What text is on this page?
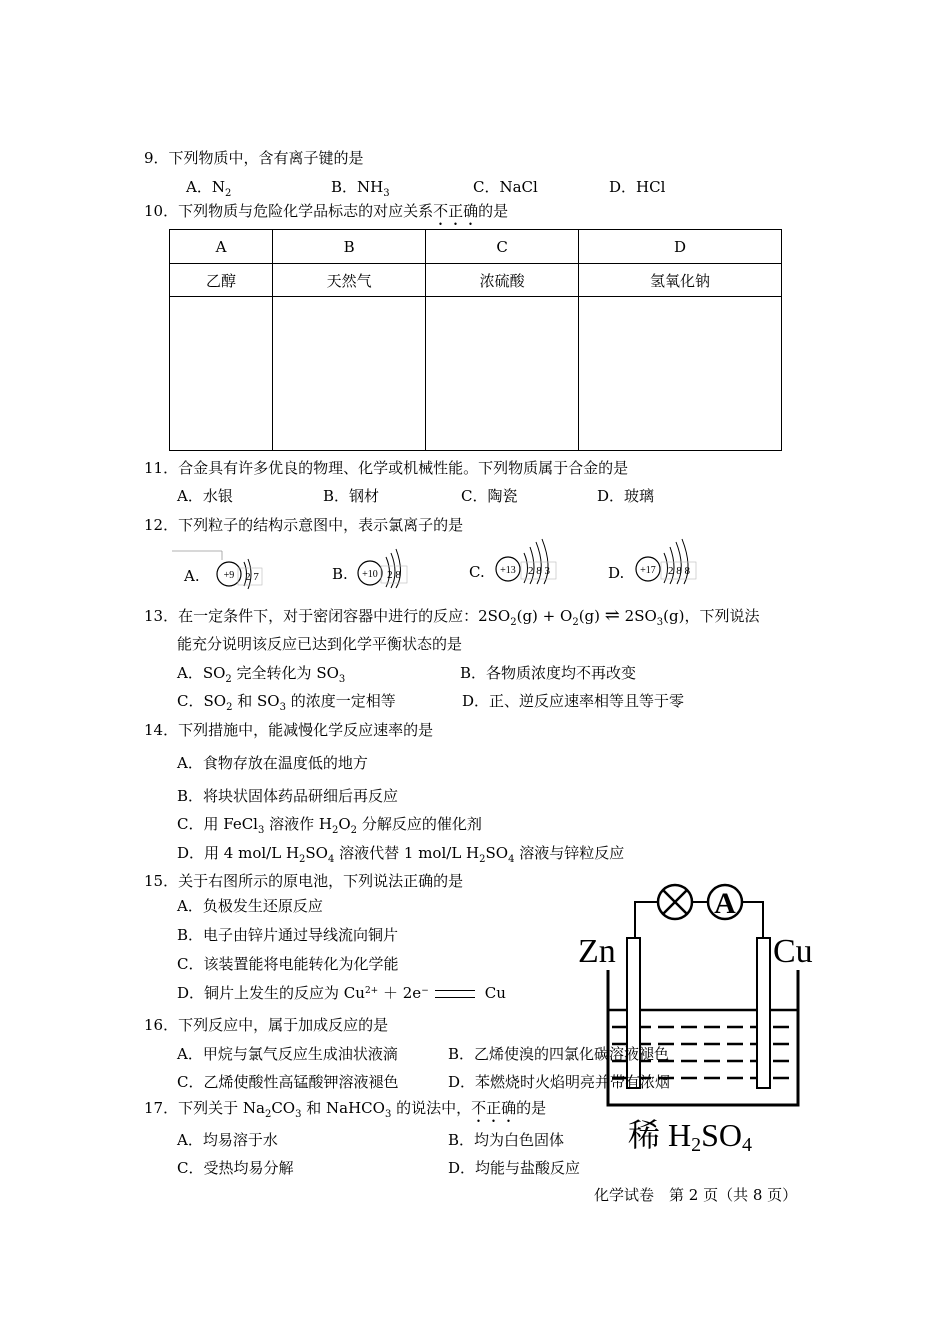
9．下列物质中，含有离子键的是
A．$N_2$	B．$NH_3$	C．NaCl	D．HCl
10．下列物质与危险化学品标志的对应关系不正确的是
A	B	C	D
乙醇	天然气	浓硫酸	氢氧化钠

11．合金具有许多优良的物理、化学或机械性能。下列物质属于合金的是
A．水银	B．钢材	C．陶瓷	D．玻璃
12．下列粒子的结构示意图中，表示氯离子的是
A.	B.	C.	D.
+9 2 7	+10 2 8	+13 2 8 3	+17 2 8 8
13．在一定条件下，对于密闭容器中进行的反应：$2SO_2(g) + O_2(g)$ ⇌ $2SO_3(g)$，下列说法
能充分说明该反应已达到化学平衡状态的是
A．$SO_2$ 完全转化为 $SO_3$	B．各物质浓度均不再改变
C．$SO_2$ 和 $SO_3$ 的浓度一定相等	D．正、逆反应速率相等且等于零
14．下列措施中，能减慢化学反应速率的是
A．食物存放在温度低的地方
B．将块状固体药品研细后再反应
C．用 FeCl$_3$ 溶液作 $H_2O_2$ 分解反应的催化剂
D．用 4 mol/L $H_2SO_4$ 溶液代替 1 mol/L $H_2SO_4$ 溶液与锌粒反应
15．关于右图所示的原电池，下列说法正确的是
A．负极发生还原反应
B．电子由锌片通过导线流向铜片
C．该装置能将电能转化为化学能
D．铜片上发生的反应为 $Cu^{2+} + 2e^-$	Cu
A
Zn	Cu
稀 H2SO4
16．下列反应中，属于加成反应的是
A．甲烷与氯气反应生成油状液滴	B．乙烯使溴的四氯化碳溶液褪色
C．乙烯使酸性高锰酸钾溶液褪色	D．苯燃烧时火焰明亮并带有浓烟
17．下列关于 $Na_2CO_3$ 和 NaHCO$_3$ 的说法中，不正确的是
A．均易溶于水	B．均为白色固体
C．受热均易分解	D．均能与盐酸反应
化学试卷　第 2 页（共 8 页）
